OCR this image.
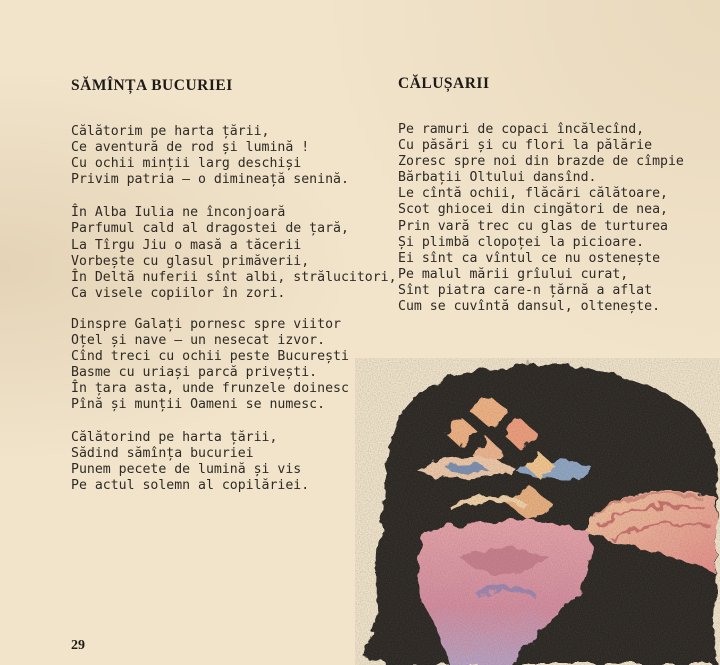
SĂMÎNȚA BUCURIEI

Călătorim pe harta țării,
Ce aventură de rod și lumină !
Cu ochii minții larg deschiși
Privim patria — o dimineață senină.

În Alba Iulia ne înconjoară
Parfumul cald al dragostei de țară,
La Tîrgu Jiu o masă a tăcerii
Vorbește cu glasul primăverii,
În Deltă nuferii sînt albi, strălucitori,
Ca visele copiilor în zori.

Dinspre Galați pornesc spre viitor
Oțel și nave — un nesecat izvor.
Cînd treci cu ochii peste București
Basme cu uriași parcă privești.
În țara asta, unde frunzele doinesc
Pînă și munții Oameni se numesc.

Călătorind pe harta țării,
Sădind sămînța bucuriei
Punem pecete de lumină și vis
Pe actul solemn al copilăriei.

CĂLUȘARII

Pe ramuri de copaci încălecînd,
Cu păsări și cu flori la pălărie
Zoresc spre noi din brazde de cîmpie
Bărbații Oltului dansînd.
Le cîntă ochii, flăcări călătoare,
Scot ghiocei din cingători de nea,
Prin vară trec cu glas de turturea
Și plimbă clopoței la picioare.
Ei sînt ca vîntul ce nu ostenește
Pe malul mării grîului curat,
Sînt piatra care-n țărnă a aflat
Cum se cuvîntă dansul, oltenește.

29
